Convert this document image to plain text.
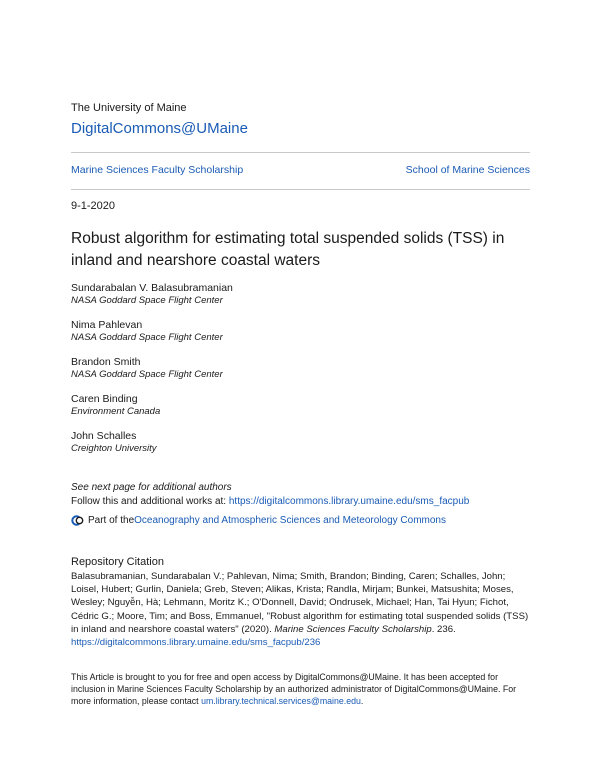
The University of Maine
DigitalCommons@UMaine
Marine Sciences Faculty Scholarship	School of Marine Sciences
9-1-2020
Robust algorithm for estimating total suspended solids (TSS) in inland and nearshore coastal waters
Sundarabalan V. Balasubramanian
NASA Goddard Space Flight Center
Nima Pahlevan
NASA Goddard Space Flight Center
Brandon Smith
NASA Goddard Space Flight Center
Caren Binding
Environment Canada
John Schalles
Creighton University
See next page for additional authors
Follow this and additional works at: https://digitalcommons.library.umaine.edu/sms_facpub
Part of the Oceanography and Atmospheric Sciences and Meteorology Commons
Repository Citation
Balasubramanian, Sundarabalan V.; Pahlevan, Nima; Smith, Brandon; Binding, Caren; Schalles, John; Loisel, Hubert; Gurlin, Daniela; Greb, Steven; Alikas, Krista; Randla, Mirjam; Bunkei, Matsushita; Moses, Wesley; Nguyễn, Hà; Lehmann, Moritz K.; O'Donnell, David; Ondrusek, Michael; Han, Tai Hyun; Fichot, Cédric G.; Moore, Tim; and Boss, Emmanuel, "Robust algorithm for estimating total suspended solids (TSS) in inland and nearshore coastal waters" (2020). Marine Sciences Faculty Scholarship. 236.
https://digitalcommons.library.umaine.edu/sms_facpub/236
This Article is brought to you for free and open access by DigitalCommons@UMaine. It has been accepted for inclusion in Marine Sciences Faculty Scholarship by an authorized administrator of DigitalCommons@UMaine. For more information, please contact um.library.technical.services@maine.edu.
